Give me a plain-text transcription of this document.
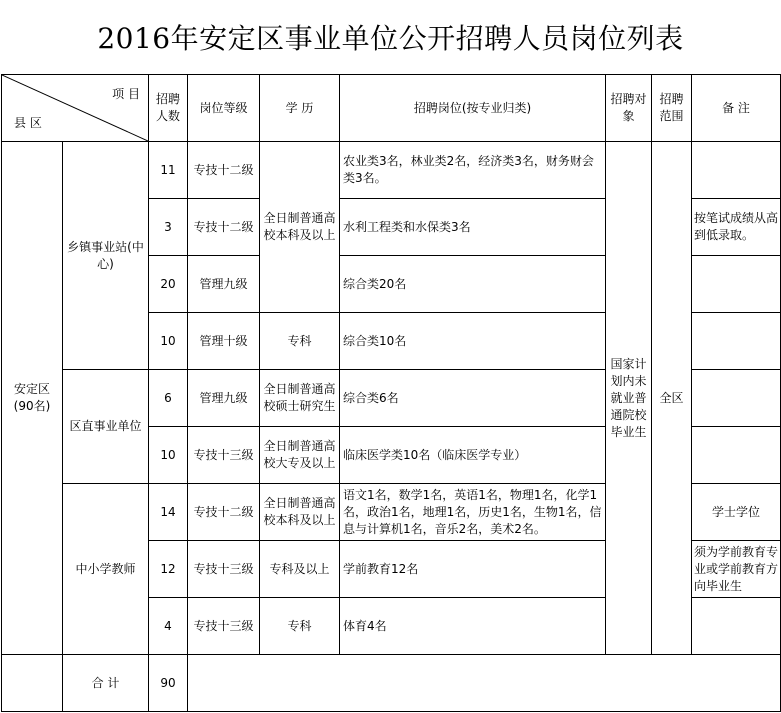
2016年安定区事业单位公开招聘人员岗位列表
项 目
县 区		招聘人数	岗位等级	学 历	招聘岗位(按专业归类)	招聘对象	招聘范围	备 注
安定区(90名)	乡镇事业站(中心)	11	专技十二级	全日制普通高校本科及以上	农业类3名，林业类2名，经济类3名，财务财会类3名。	国家计划内未就业普通院校毕业生	全区	
		3	专技十二级		水利工程类和水保类3名			按笔试成绩从高到低录取。
		20	管理九级		综合类20名			
		10	管理十级	专科	综合类10名			
	区直事业单位	6	管理九级	全日制普通高校硕士研究生	综合类6名			
		10	专技十三级	全日制普通高校大专及以上	临床医学类10名（临床医学专业）			
	中小学教师	14	专技十二级	全日制普通高校本科及以上	语文1名，数学1名，英语1名，物理1名，化学1名，政治1名，地理1名，历史1名，生物1名，信息与计算机1名，音乐2名，美术2名。			学士学位
		12	专技十三级	专科及以上	学前教育12名			须为学前教育专业或学前教育方向毕业生
		4	专技十三级	专科	体育4名			
	合 计	90						
